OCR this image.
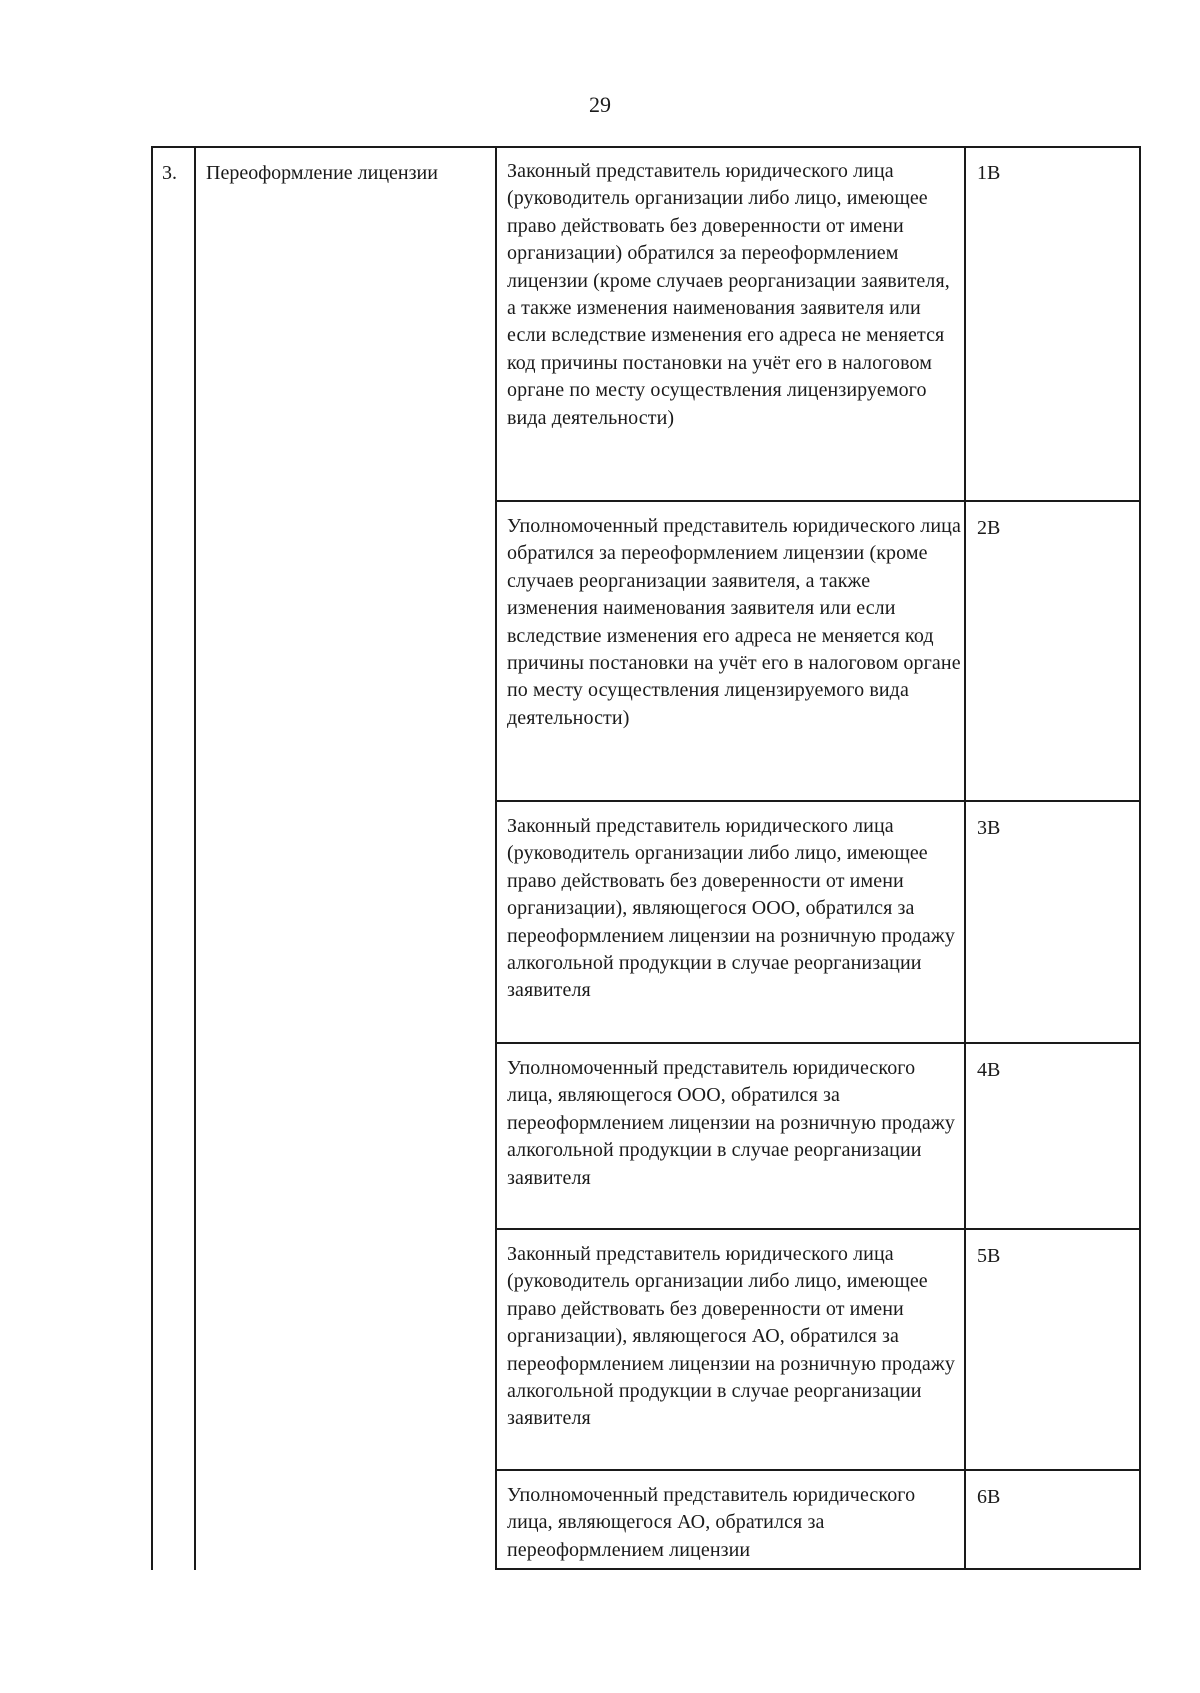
29
3. Переоформление лицензии	Законный представитель юридического лица (руководитель организации либо лицо, имеющее право действовать без доверенности от имени организации) обратился за переоформлением лицензии (кроме случаев реорганизации заявителя, а также изменения наименования заявителя или если вследствие изменения его адреса не меняется код причины постановки на учёт его в налоговом органе по месту осуществления лицензируемого вида деятельности)
1В
Уполномоченный представитель юридического лица обратился за переоформлением лицензии (кроме случаев реорганизации заявителя, а также изменения наименования заявителя или если вследствие изменения его адреса не меняется код причины постановки на учёт его в налоговом органе по месту осуществления лицензируемого вида деятельности)
2В
Законный представитель юридического лица (руководитель организации либо лицо, имеющее право действовать без доверенности от имени организации), являющегося ООО, обратился за переоформлением лицензии на розничную продажу алкогольной продукции в случае реорганизации заявителя
3В
Уполномоченный представитель юридического лица, являющегося ООО, обратился за переоформлением лицензии на розничную продажу алкогольной продукции в случае реорганизации заявителя
4В
Законный представитель юридического лица (руководитель организации либо лицо, имеющее право действовать без доверенности от имени организации), являющегося АО, обратился за переоформлением лицензии на розничную продажу алкогольной продукции в случае реорганизации заявителя
5В
Уполномоченный представитель юридического лица, являющегося АО, обратился за переоформлением лицензии
6В
